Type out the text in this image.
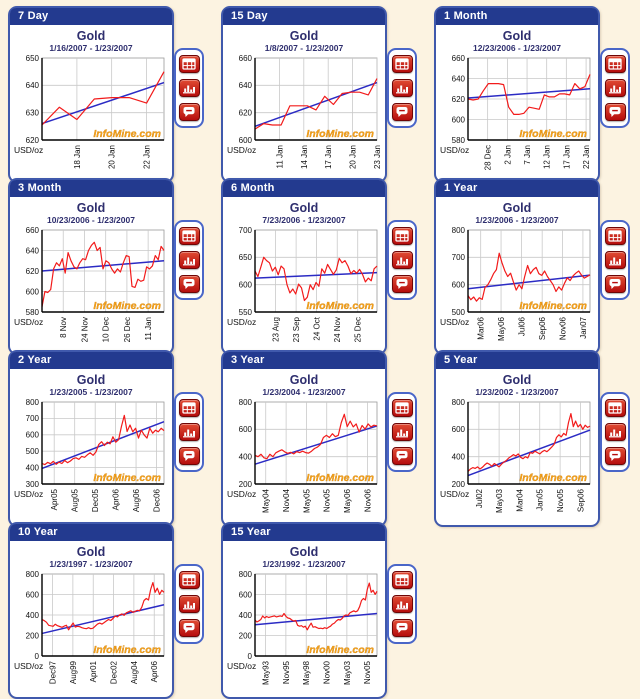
7 Day
Gold
1/16/2007 - 1/23/2007
620
630
640
650
InfoMine.com
18 Jan	20 Jan	22 Jan
USD/oz
15 Day
Gold
1/8/2007 - 1/23/2007
600
620
640
660
InfoMine.com
11 Jan 14 Jan 17 Jan 20 Jan 23 Jan
USD/oz
1 Month
Gold
12/23/2006 - 1/23/2007
580
600
620
640
660
InfoMine.com
28 Dec 2 Jan 7 Jan 12 Jan 17 Jan 22 Jan
USD/oz
3 Month
Gold
10/23/2006 - 1/23/2007
580
600
620
640
660
InfoMine.com
8 Nov 24 Nov 10 Dec 26 Dec 11 Jan
USD/oz
6 Month
Gold
7/23/2006 - 1/23/2007
550
600
650
700
InfoMine.com
23 Aug 23 Sep 24 Oct 24 Nov 25 Dec
USD/oz
1 Year
Gold
1/23/2006 - 1/23/2007
500
600
700
800
InfoMine.com
Mar06 May06 Jul06 Sep06 Nov06 Jan07
USD/oz
2 Year
Gold
1/23/2005 - 1/23/2007
300
400
500
600
700
800
InfoMine.com
Apr05 Aug05 Dec05 Apr06 Aug06 Dec06
USD/oz
3 Year
Gold
1/23/2004 - 1/23/2007
200
400
600
800
InfoMine.com
May04 Nov04 May05 Nov05 May06 Nov06
USD/oz
5 Year
Gold
1/23/2002 - 1/23/2007
200
400
600
800
InfoMine.com
Jul02 May03 Mar04 Jan05 Nov05 Sep06
USD/oz
10 Year
Gold
1/23/1997 - 1/23/2007
0
200
400
600
800
InfoMine.com
Dec97 Aug99 Apr01 Dec02 Aug04 Apr06
USD/oz
15 Year
Gold
1/23/1992 - 1/23/2007
0
200
400
600
800
InfoMine.com
May93 Nov95 May98 Nov00 May03 Nov05
USD/oz
